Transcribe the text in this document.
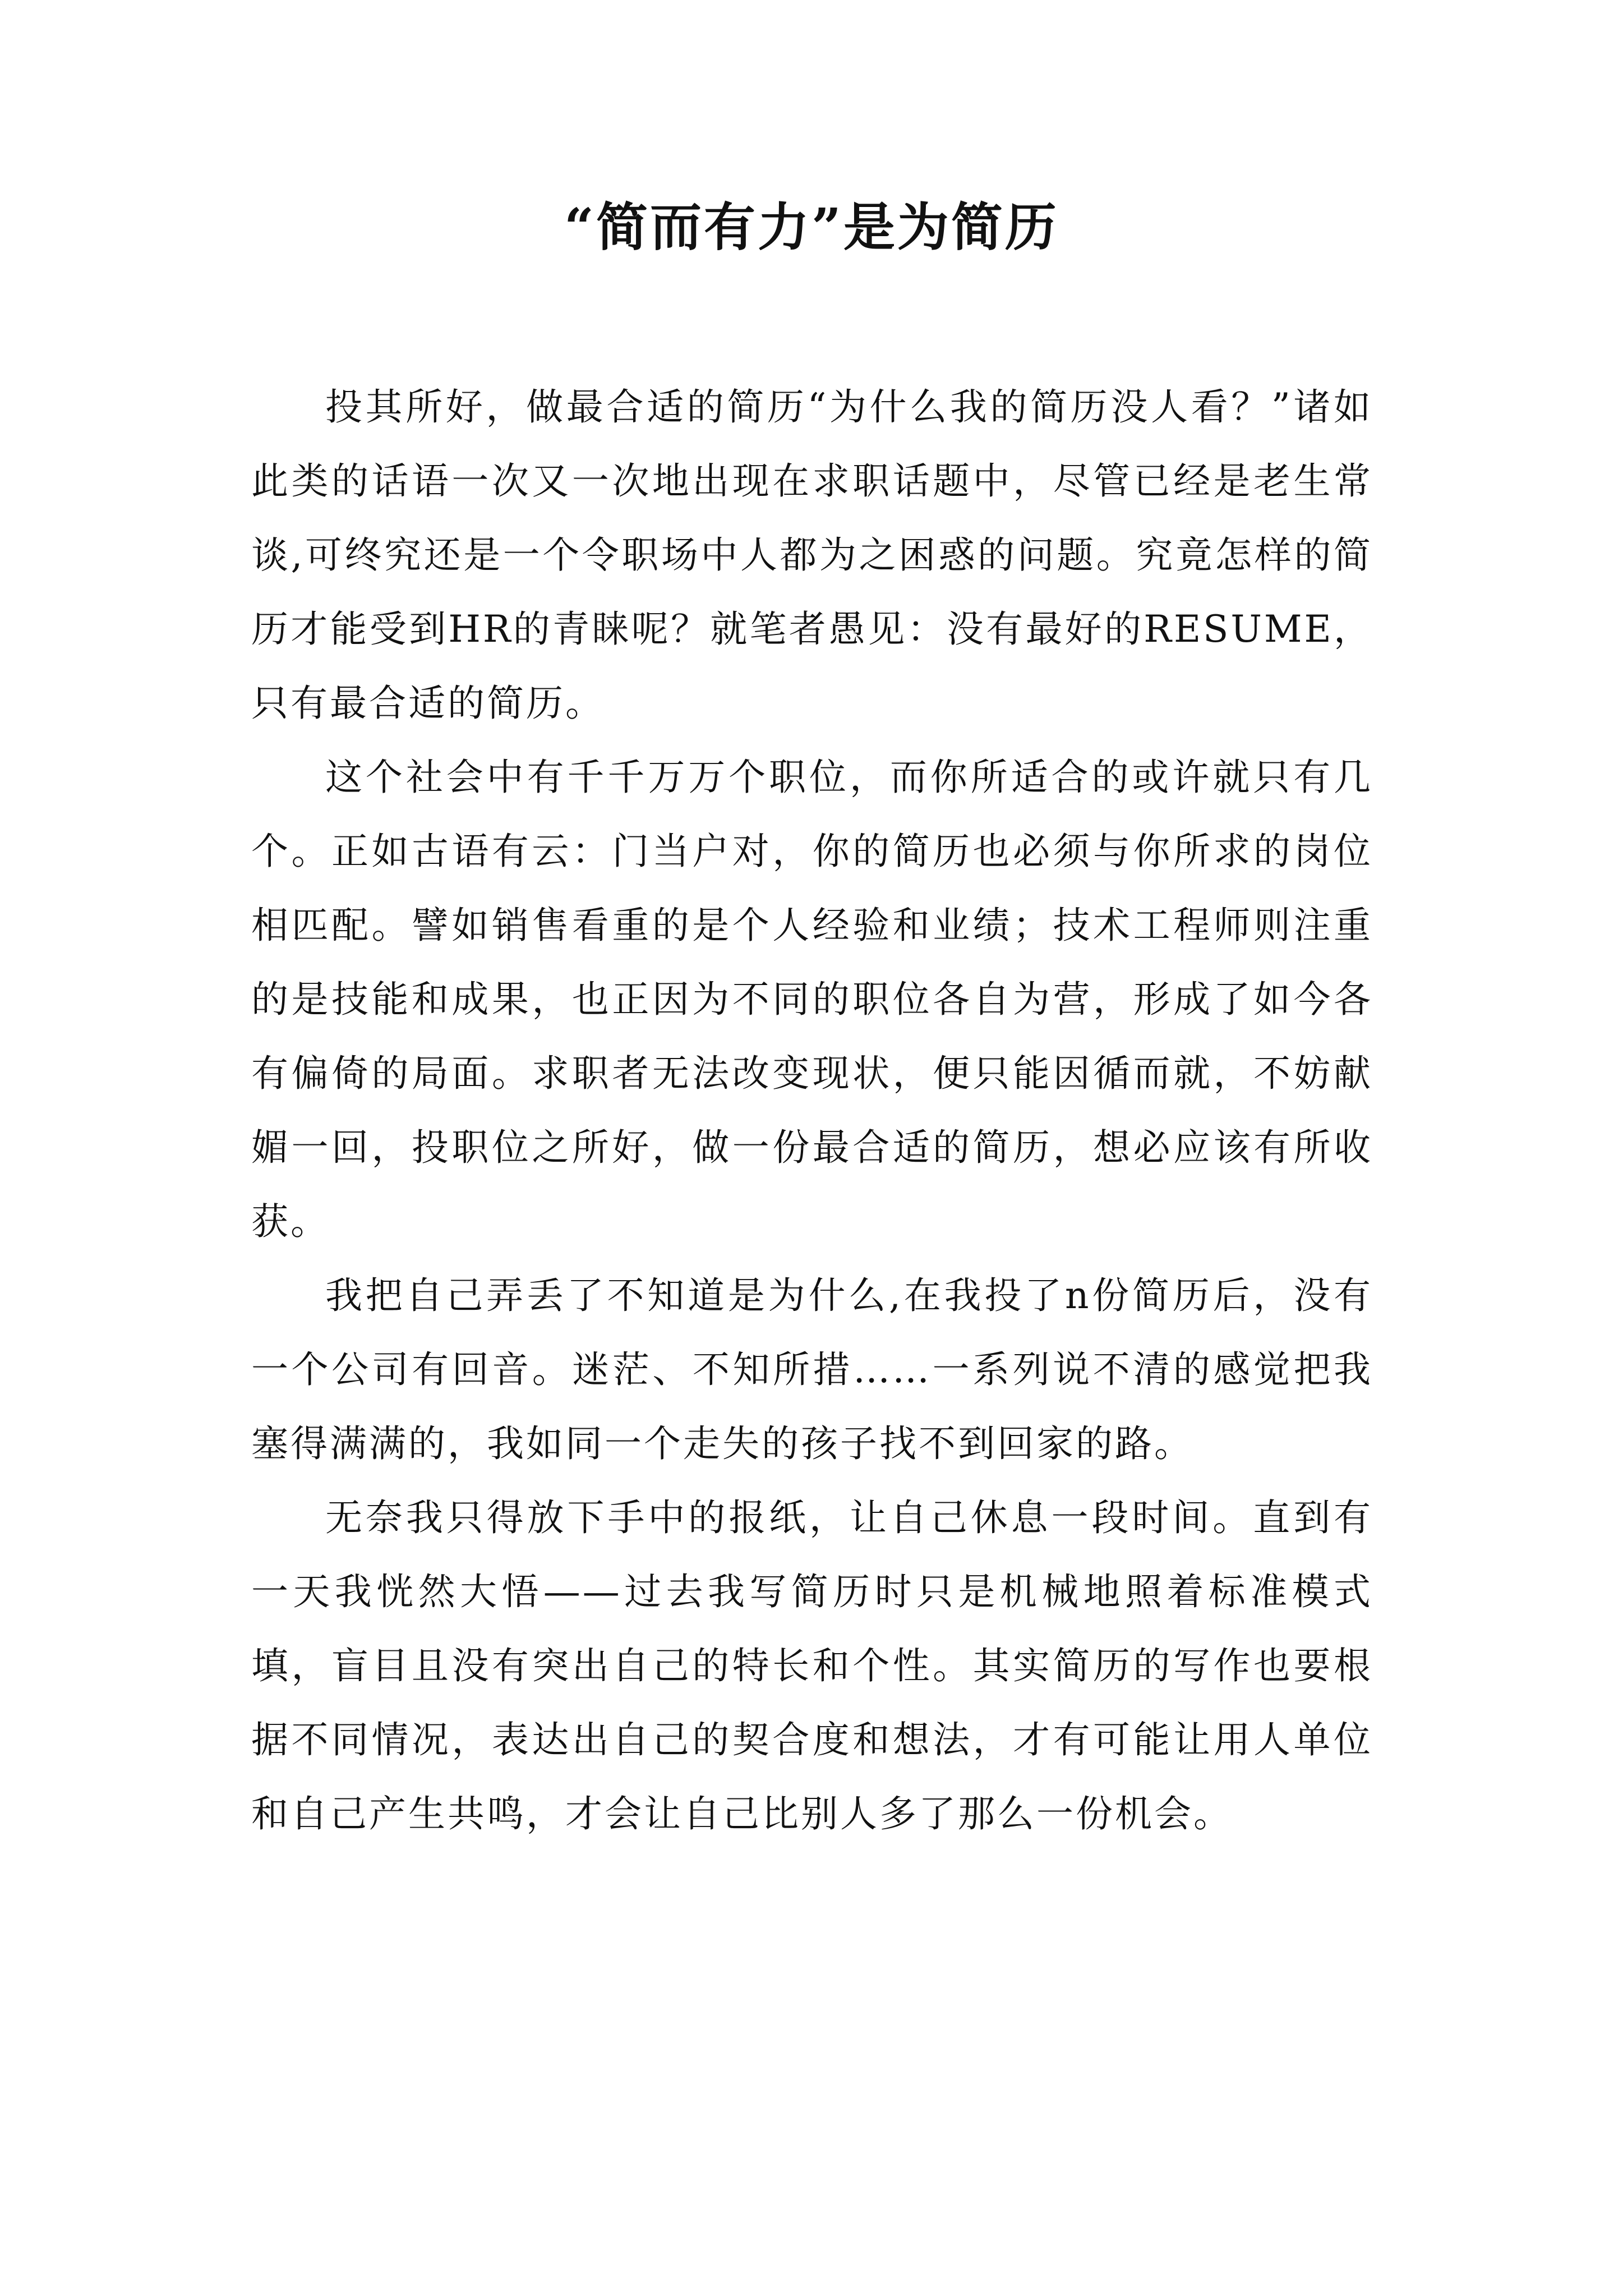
“简而有力”是为简历

投其所好，做最合适的简历“为什么我的简历没人看？”诸如此类的话语一次又一次地出现在求职话题中，尽管已经是老生常谈,可终究还是一个令职场中人都为之困惑的问题。究竟怎样的简历才能受到HR的青睐呢？就笔者愚见：没有最好的RESUME，只有最合适的简历。

这个社会中有千千万万个职位，而你所适合的或许就只有几个。正如古语有云：门当户对，你的简历也必须与你所求的岗位相匹配。譬如销售看重的是个人经验和业绩；技术工程师则注重的是技能和成果，也正因为不同的职位各自为营，形成了如今各有偏倚的局面。求职者无法改变现状，便只能因循而就，不妨献媚一回，投职位之所好，做一份最合适的简历，想必应该有所收获。

我把自己弄丢了不知道是为什么,在我投了n份简历后，没有一个公司有回音。迷茫、不知所措……一系列说不清的感觉把我塞得满满的，我如同一个走失的孩子找不到回家的路。

无奈我只得放下手中的报纸，让自己休息一段时间。直到有一天我恍然大悟——过去我写简历时只是机械地照着标准模式填，盲目且没有突出自己的特长和个性。其实简历的写作也要根据不同情况，表达出自己的契合度和想法，才有可能让用人单位和自己产生共鸣，才会让自己比别人多了那么一份机会。
